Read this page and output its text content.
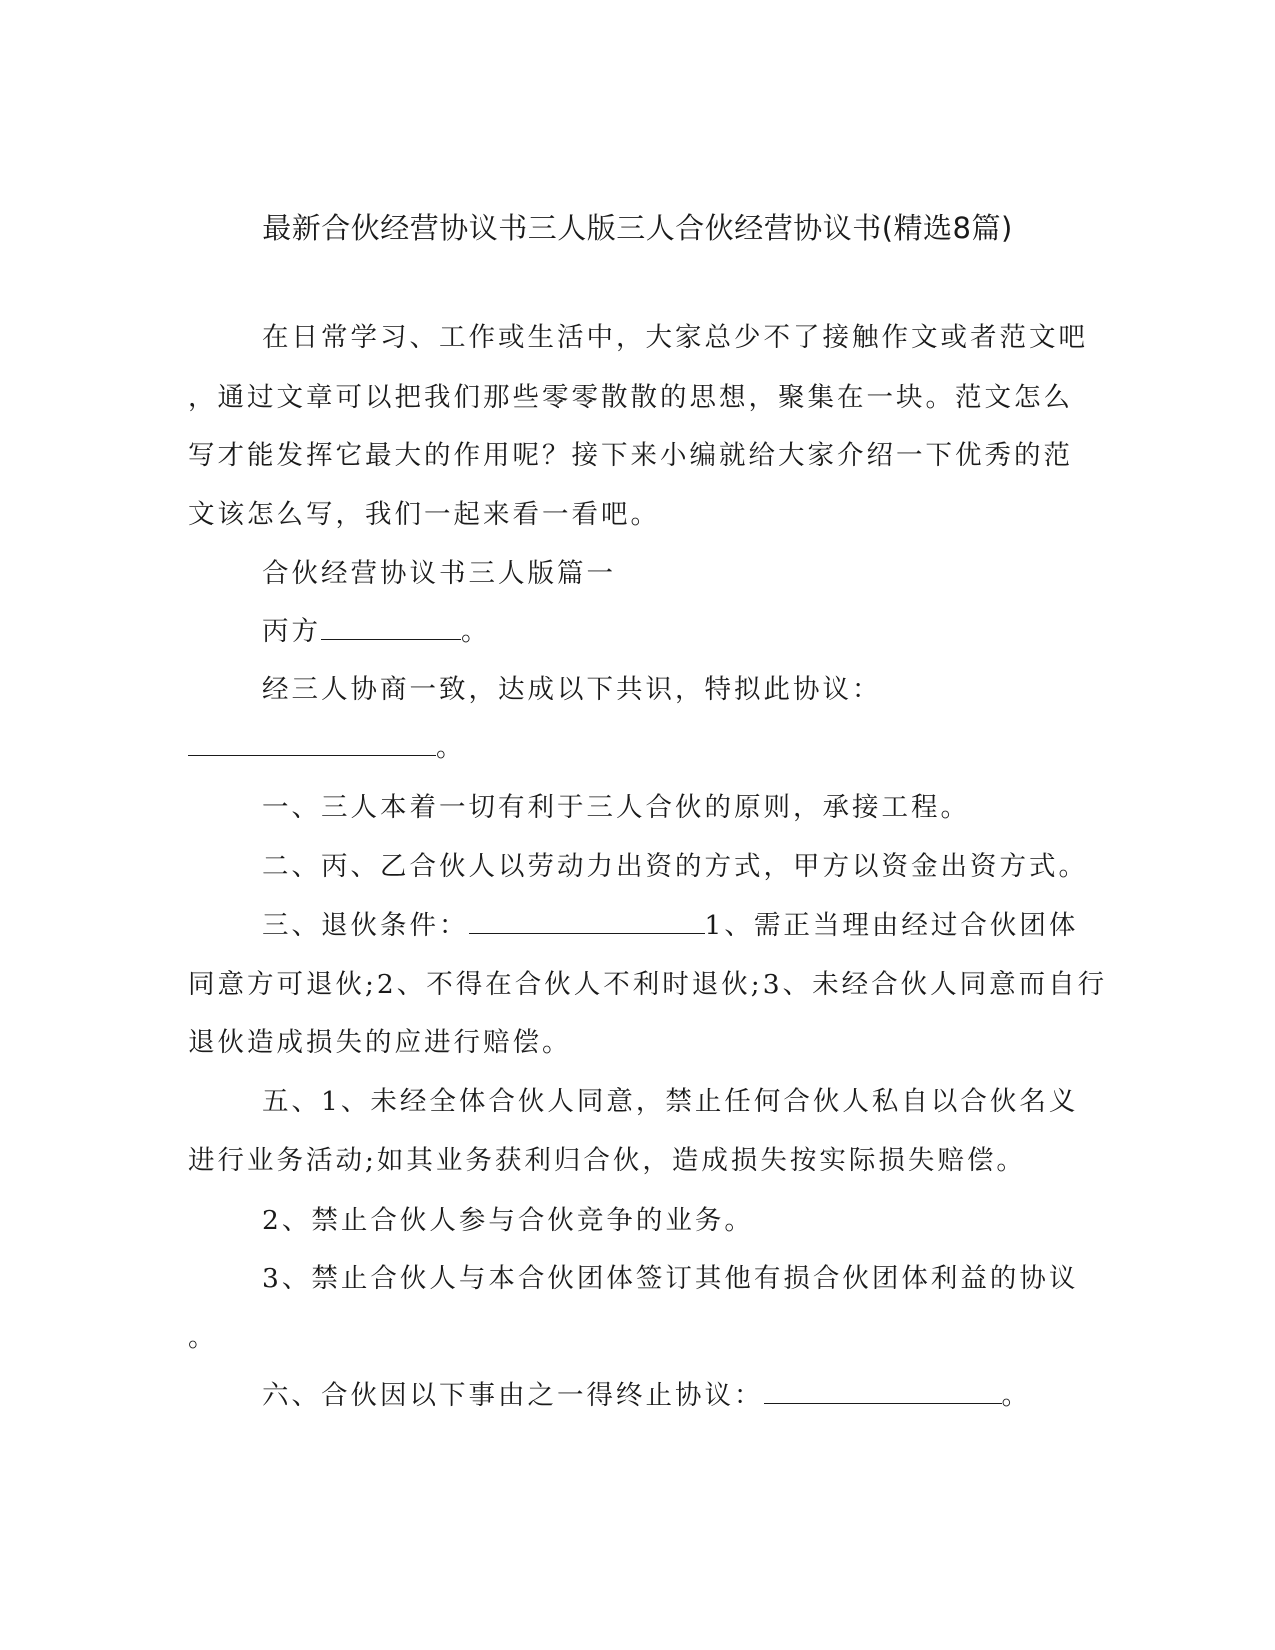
最新合伙经营协议书三人版三人合伙经营协议书(精选8篇)
在日常学习、工作或生活中，大家总少不了接触作文或者范文吧
，通过文章可以把我们那些零零散散的思想，聚集在一块。范文怎么
写才能发挥它最大的作用呢？接下来小编就给大家介绍一下优秀的范
文该怎么写，我们一起来看一看吧。
合伙经营协议书三人版篇一
丙方	。
经三人协商一致，达成以下共识，特拟此协议：
。
一、三人本着一切有利于三人合伙的原则，承接工程。
二、丙、乙合伙人以劳动力出资的方式，甲方以资金出资方式。
三、退伙条件：	1、需正当理由经过合伙团体
同意方可退伙;2、不得在合伙人不利时退伙;3、未经合伙人同意而自行
退伙造成损失的应进行赔偿。
五、1、未经全体合伙人同意，禁止任何合伙人私自以合伙名义
进行业务活动;如其业务获利归合伙，造成损失按实际损失赔偿。
2、禁止合伙人参与合伙竞争的业务。
3、禁止合伙人与本合伙团体签订其他有损合伙团体利益的协议
。
六、合伙因以下事由之一得终止协议：	。
